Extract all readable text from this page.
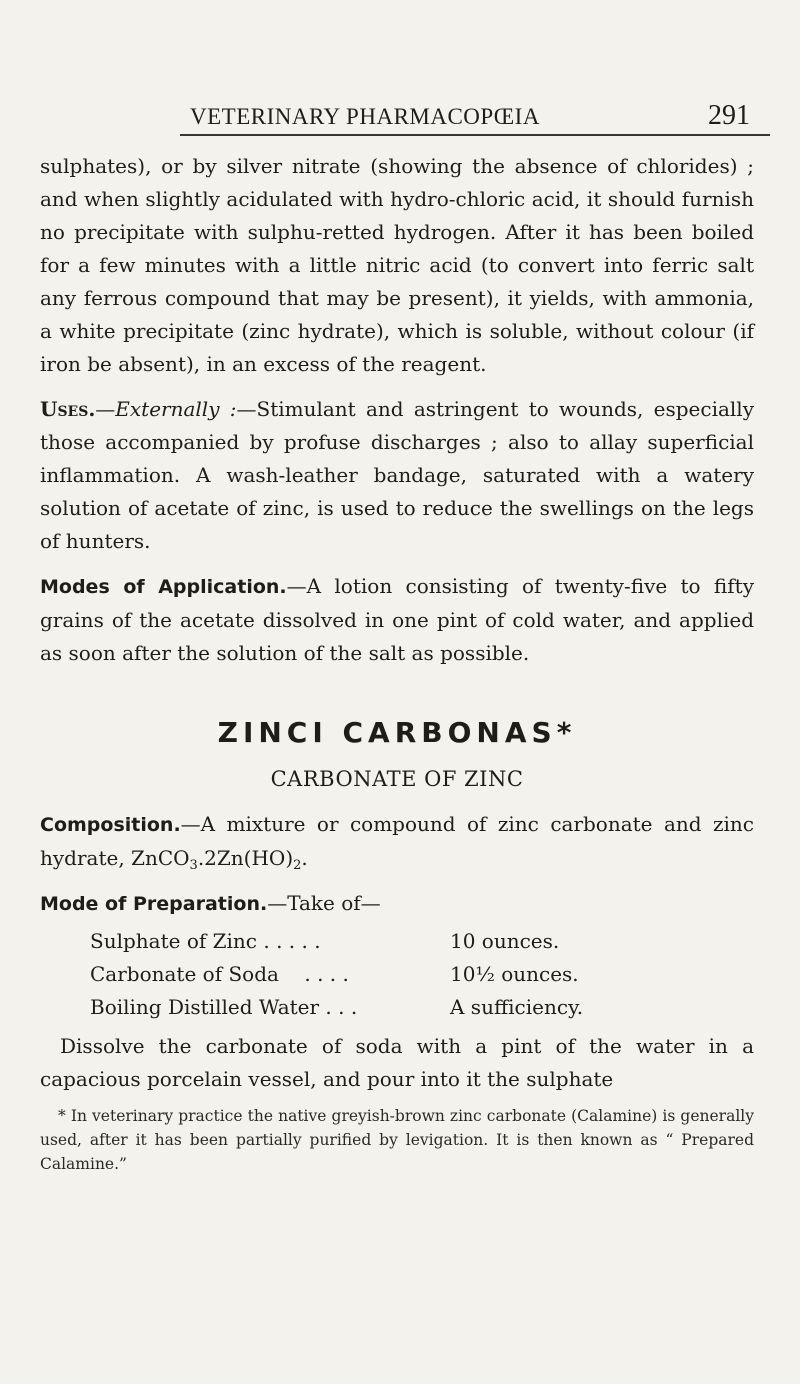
VETERINARY PHARMACOPŒIA	291

sulphates), or by silver nitrate (showing the absence of chlorides) ; and when slightly acidulated with hydro-chloric acid, it should furnish no precipitate with sulphu-retted hydrogen. After it has been boiled for a few minutes with a little nitric acid (to convert into ferric salt any ferrous compound that may be present), it yields, with ammonia, a white precipitate (zinc hydrate), which is soluble, without colour (if iron be absent), in an excess of the reagent.

Uses.—Externally :—Stimulant and astringent to wounds, especially those accompanied by profuse discharges ; also to allay superficial inflammation. A wash-leather bandage, saturated with a watery solution of acetate of zinc, is used to reduce the swellings on the legs of hunters.

Modes of Application.—A lotion consisting of twenty-five to fifty grains of the acetate dissolved in one pint of cold water, and applied as soon after the solution of the salt as possible.

ZINCI CARBONAS*

CARBONATE OF ZINC

Composition.—A mixture or compound of zinc carbonate and zinc hydrate, $ZnCO_3.2Zn(HO)_2$.

Mode of Preparation.—Take of—

Sulphate of Zinc . . . . .	10 ounces.
Carbonate of Soda    . . . .	10½ ounces.
Boiling Distilled Water . . .	A sufficiency.

Dissolve the carbonate of soda with a pint of the water in a capacious porcelain vessel, and pour into it the sulphate

* In veterinary practice the native greyish-brown zinc carbonate (Calamine) is generally used, after it has been partially purified by levigation. It is then known as “ Prepared Calamine.”
